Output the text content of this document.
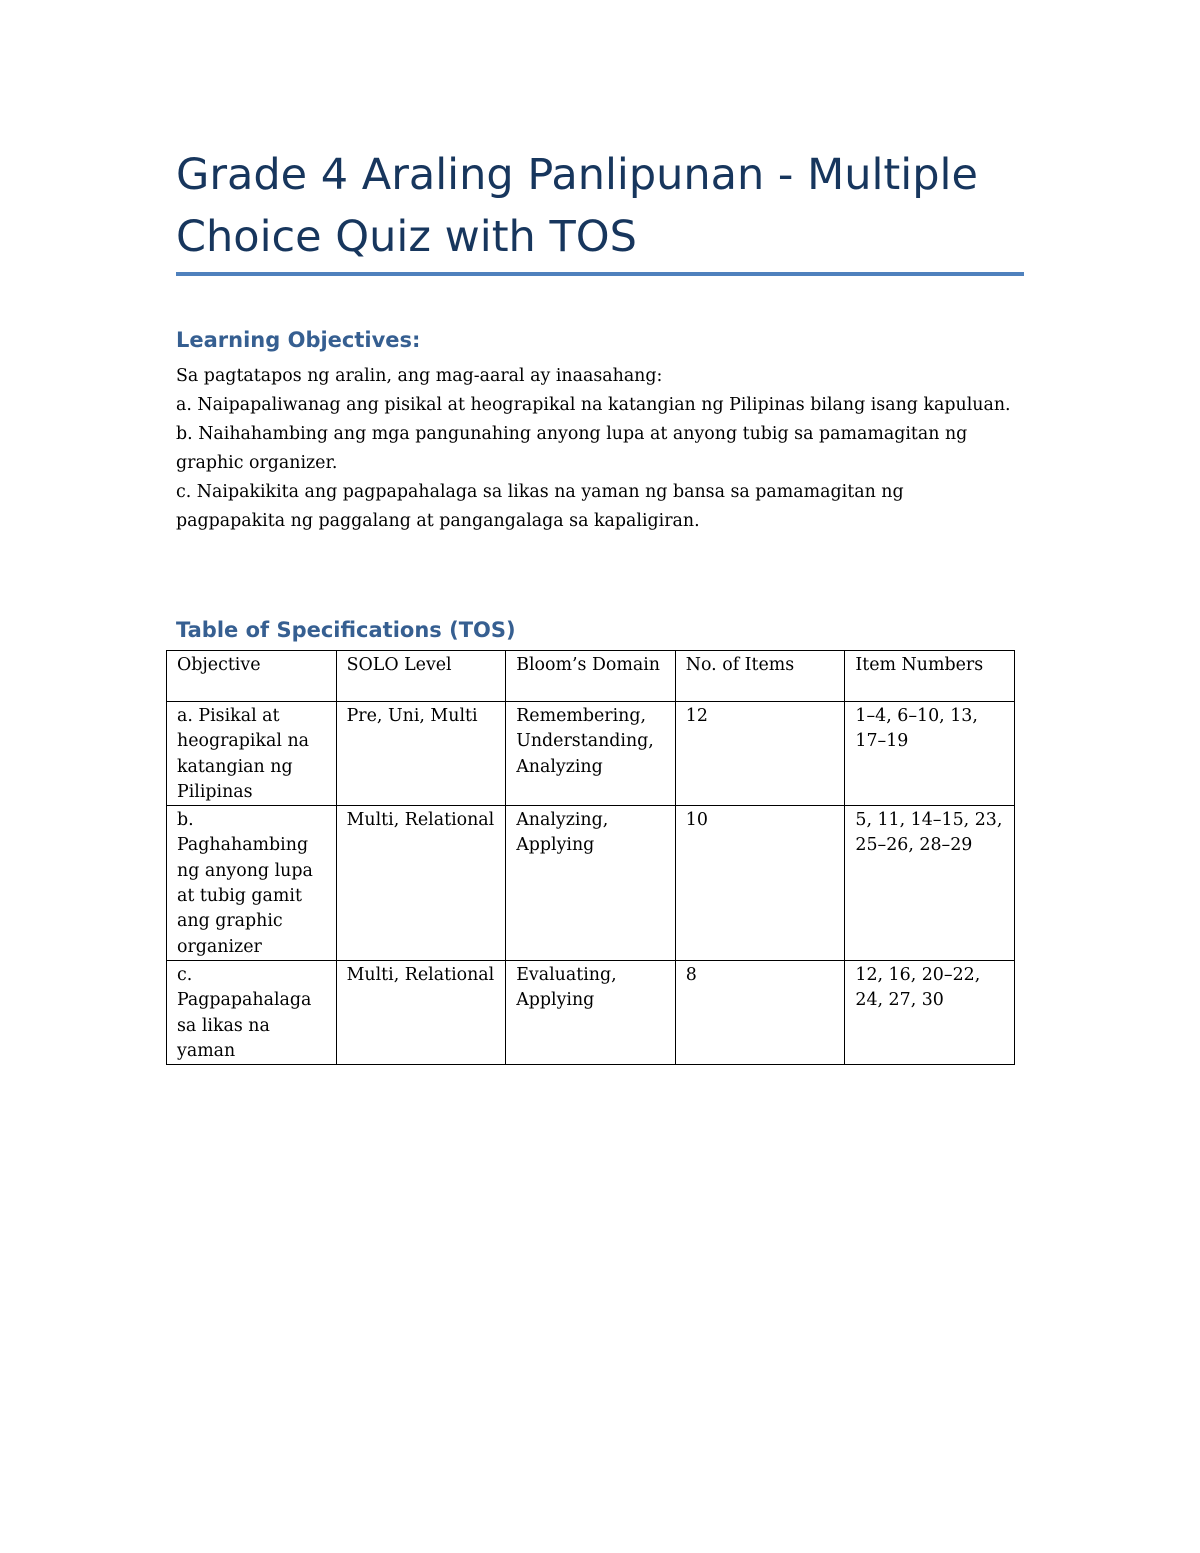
Grade 4 Araling Panlipunan - Multiple Choice Quiz with TOS
Learning Objectives:

Sa pagtatapos ng aralin, ang mag-aaral ay inaasahang:

a. Naipapaliwanag ang pisikal at heograpikal na katangian ng Pilipinas bilang isang kapuluan.

b. Naihahambing ang mga pangunahing anyong lupa at anyong tubig sa pamamagitan ng graphic organizer.

c. Naipakikita ang pagpapahalaga sa likas na yaman ng bansa sa pamamagitan ng pagpapakita ng paggalang at pangangalaga sa kapaligiran.

Table of Specifications (TOS)
Objective	SOLO Level	Bloom’s Domain	No. of Items	Item Numbers
a. Pisikal at heograpikal na katangian ng Pilipinas	Pre, Uni, Multi	Remembering, Understanding, Analyzing	12	1–4, 6–10, 13, 17–19
b. Paghahambing ng anyong lupa at tubig gamit ang graphic organizer	Multi, Relational	Analyzing, Applying	10	5, 11, 14–15, 23, 25–26, 28–29
c. Pagpapahalaga sa likas na yaman	Multi, Relational	Evaluating, Applying	8	12, 16, 20–22, 24, 27, 30
